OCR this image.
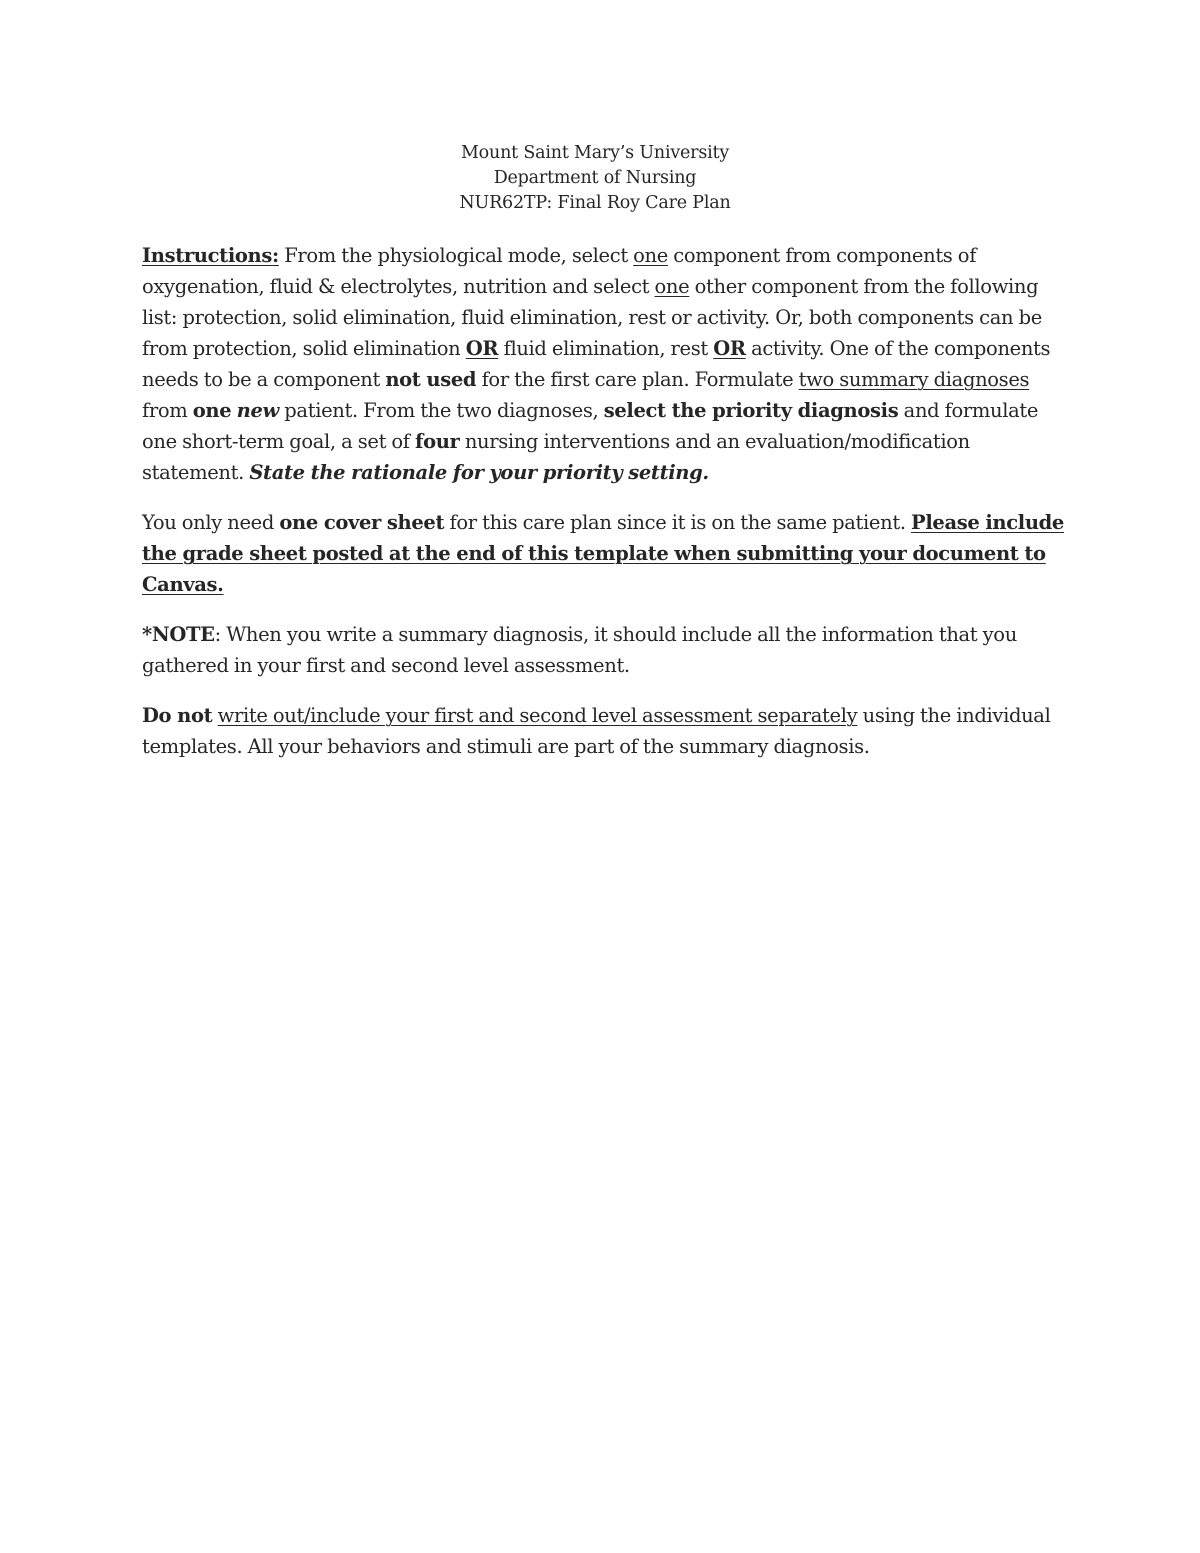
Mount Saint Mary’s University
Department of Nursing
NUR62TP: Final Roy Care Plan

Instructions: From the physiological mode, select one component from components of oxygenation, fluid & electrolytes, nutrition and select one other component from the following list: protection, solid elimination, fluid elimination, rest or activity. Or, both components can be from protection, solid elimination OR fluid elimination, rest OR activity. One of the components needs to be a component not used for the first care plan. Formulate two summary diagnoses from one new patient. From the two diagnoses, select the priority diagnosis and formulate one short-term goal, a set of four nursing interventions and an evaluation/modification statement. State the rationale for your priority setting.

You only need one cover sheet for this care plan since it is on the same patient. Please include the grade sheet posted at the end of this template when submitting your document to Canvas.

*NOTE: When you write a summary diagnosis, it should include all the information that you gathered in your first and second level assessment.

Do not write out/include your first and second level assessment separately using the individual templates. All your behaviors and stimuli are part of the summary diagnosis.
